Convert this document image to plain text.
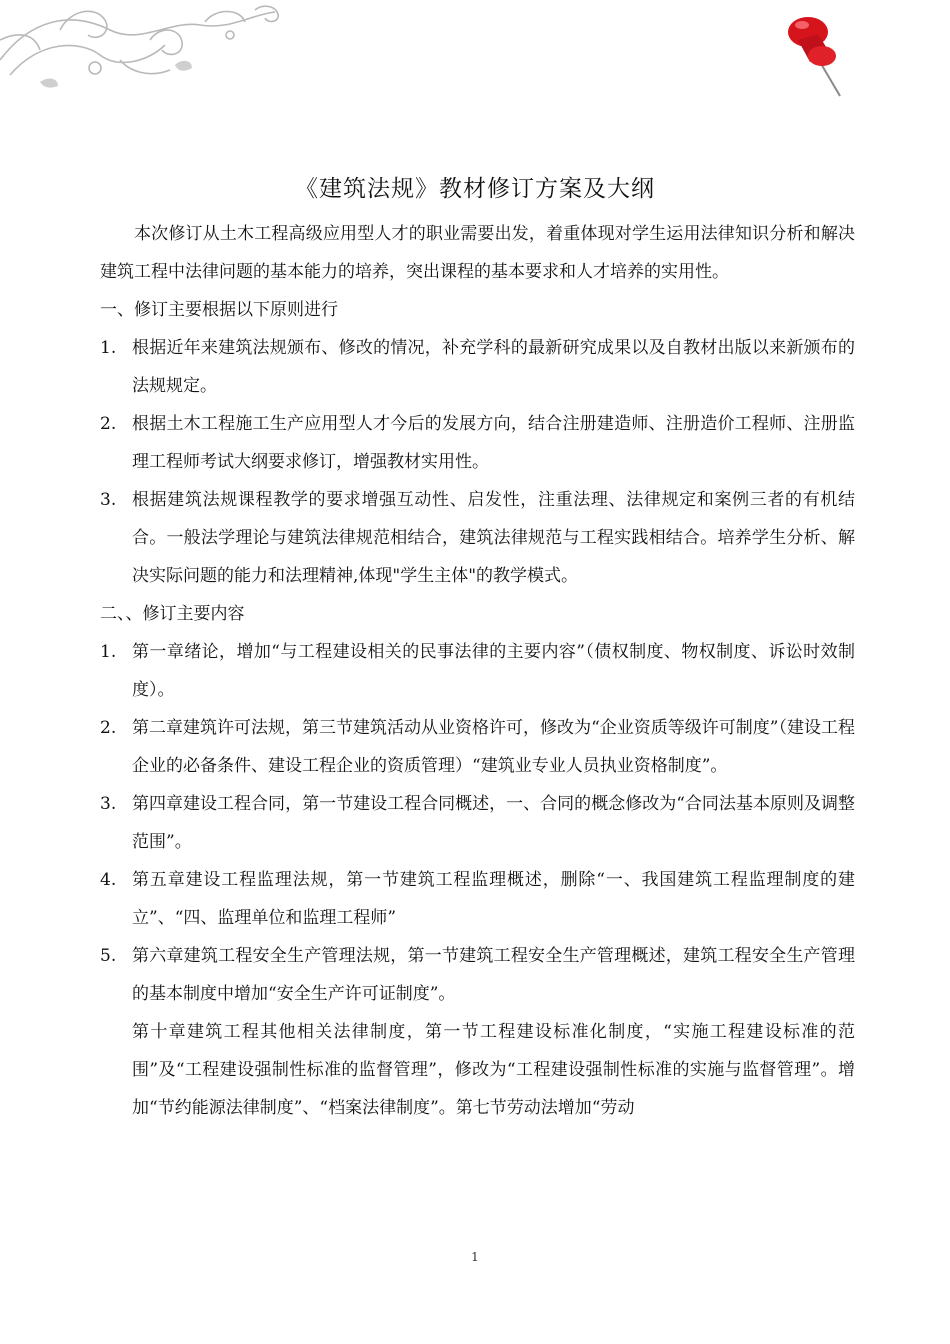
《建筑法规》教材修订方案及大纲

本次修订从土木工程高级应用型人才的职业需要出发，着重体现对学生运用法律知识分析和解决建筑工程中法律问题的基本能力的培养，突出课程的基本要求和人才培养的实用性。

一、修订主要根据以下原则进行

1. 根据近年来建筑法规颁布、修改的情况，补充学科的最新研究成果以及自教材出版以来新颁布的法规规定。
2. 根据土木工程施工生产应用型人才今后的发展方向，结合注册建造师、注册造价工程师、注册监理工程师考试大纲要求修订，增强教材实用性。
3. 根据建筑法规课程教学的要求增强互动性、启发性，注重法理、法律规定和案例三者的有机结合。一般法学理论与建筑法律规范相结合，建筑法律规范与工程实践相结合。培养学生分析、解决实际问题的能力和法理精神,体现"学生主体"的教学模式。

二、、修订主要内容

1. 第一章绪论，增加“与工程建设相关的民事法律的主要内容”（债权制度、物权制度、诉讼时效制度）。
2. 第二章建筑许可法规，第三节建筑活动从业资格许可，修改为“企业资质等级许可制度”（建设工程企业的必备条件、建设工程企业的资质管理）“建筑业专业人员执业资格制度”。
3. 第四章建设工程合同，第一节建设工程合同概述，一、合同的概念修改为“合同法基本原则及调整范围”。
4. 第五章建设工程监理法规，第一节建筑工程监理概述，删除“一、我国建筑工程监理制度的建立”、“四、监理单位和监理工程师”
5. 第六章建筑工程安全生产管理法规，第一节建筑工程安全生产管理概述，建筑工程安全生产管理的基本制度中增加“安全生产许可证制度”。

第十章建筑工程其他相关法律制度，第一节工程建设标准化制度，“实施工程建设标准的范围”及“工程建设强制性标准的监督管理”，修改为“工程建设强制性标准的实施与监督管理”。增加“节约能源法律制度”、“档案法律制度”。第七节劳动法增加“劳动

1
